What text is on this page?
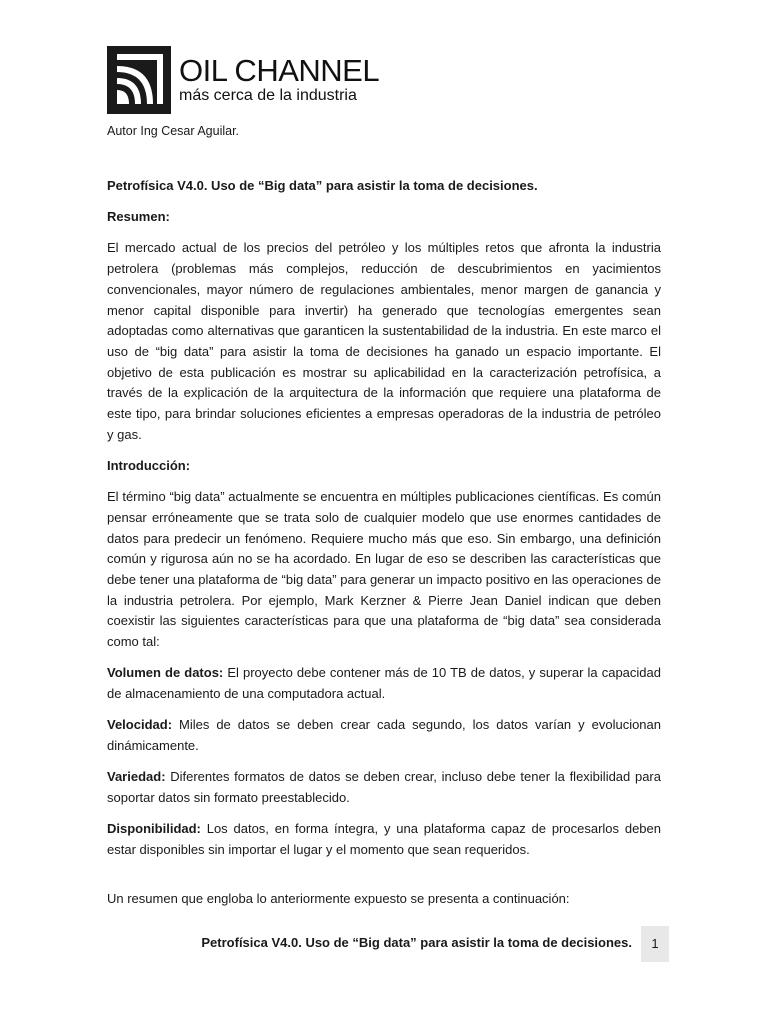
OIL CHANNEL
más cerca de la industria
Autor Ing Cesar Aguilar.

Petrofísica V4.0. Uso de “Big data” para asistir la toma de decisiones.

Resumen:

El mercado actual de los precios del petróleo y los múltiples retos que afronta la industria petrolera (problemas más complejos, reducción de descubrimientos en yacimientos convencionales, mayor número de regulaciones ambientales, menor margen de ganancia y menor capital disponible para invertir) ha generado que tecnologías emergentes sean adoptadas como alternativas que garanticen la sustentabilidad de la industria. En este marco el uso de “big data” para asistir la toma de decisiones ha ganado un espacio importante. El objetivo de esta publicación es mostrar su aplicabilidad en la caracterización petrofísica, a través de la explicación de la arquitectura de la información que requiere una plataforma de este tipo, para brindar soluciones eficientes a empresas operadoras de la industria de petróleo y gas.

Introducción:

El término “big data” actualmente se encuentra en múltiples publicaciones científicas. Es común pensar erróneamente que se trata solo de cualquier modelo que use enormes cantidades de datos para predecir un fenómeno. Requiere mucho más que eso. Sin embargo, una definición común y rigurosa aún no se ha acordado. En lugar de eso se describen las características que debe tener una plataforma de “big data” para generar un impacto positivo en las operaciones de la industria petrolera. Por ejemplo, Mark Kerzner & Pierre Jean Daniel indican que deben coexistir las siguientes características para que una plataforma de “big data” sea considerada como tal:

Volumen de datos: El proyecto debe contener más de 10 TB de datos, y superar la capacidad de almacenamiento de una computadora actual.

Velocidad: Miles de datos se deben crear cada segundo, los datos varían y evolucionan dinámicamente.

Variedad: Diferentes formatos de datos se deben crear, incluso debe tener la flexibilidad para soportar datos sin formato preestablecido.

Disponibilidad: Los datos, en forma íntegra, y una plataforma capaz de procesarlos deben estar disponibles sin importar el lugar y el momento que sean requeridos.

Un resumen que engloba lo anteriormente expuesto se presenta a continuación:

Petrofísica V4.0. Uso de “Big data” para asistir la toma de decisiones.	1
